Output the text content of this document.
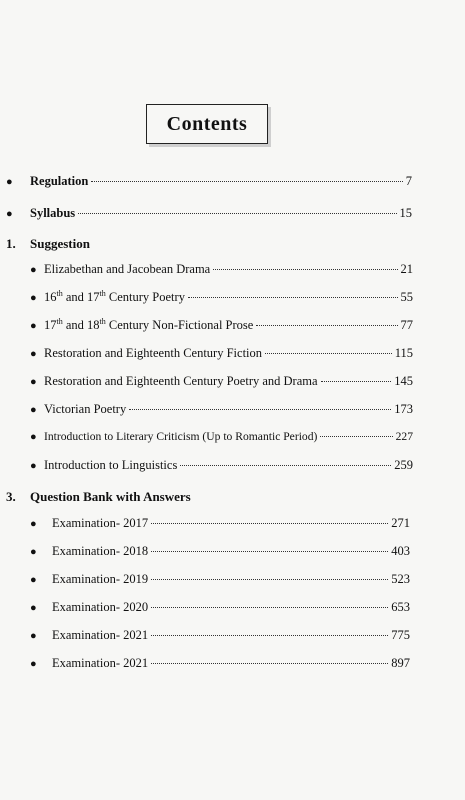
Contents
●	Regulation	7
●	Syllabus	15
1.	Suggestion
● Elizabethan and Jacobean Drama	21
● 16th and 17th Century Poetry	55
● 17th and 18th Century Non-Fictional Prose	77
● Restoration and Eighteenth Century Fiction	115
● Restoration and Eighteenth Century Poetry and Drama	145
● Victorian Poetry	173
● Introduction to Literary Criticism (Up to Romantic Period)	227
● Introduction to Linguistics	259
3.	Question Bank with Answers
●	Examination- 2017	271
●	Examination- 2018	403
●	Examination- 2019	523
●	Examination- 2020	653
●	Examination- 2021	775
●	Examination- 2021	897
